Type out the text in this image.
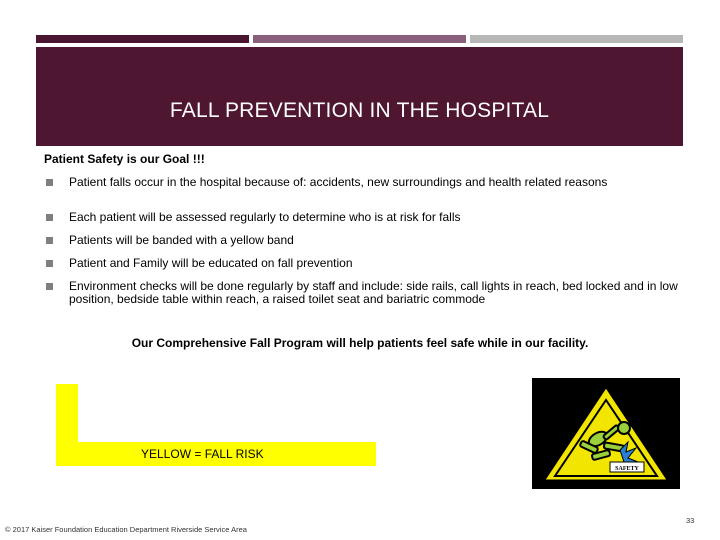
FALL PREVENTION IN THE HOSPITAL
Patient Safety is our Goal !!!
Patient falls occur in the hospital because of: accidents, new surroundings and health related reasons
Each patient will be assessed regularly to determine who is at risk for falls
Patients will be banded with a yellow band
Patient and Family will be educated on fall prevention
Environment checks will be done regularly by staff and include: side rails, call lights in reach, bed locked and in low position, bedside table within reach, a raised toilet seat and bariatric commode
Our Comprehensive Fall Program will help patients feel safe while in our facility.
YELLOW = FALL RISK
SAFETY
© 2017 Kaiser Foundation Education Department Riverside Service Area
33
